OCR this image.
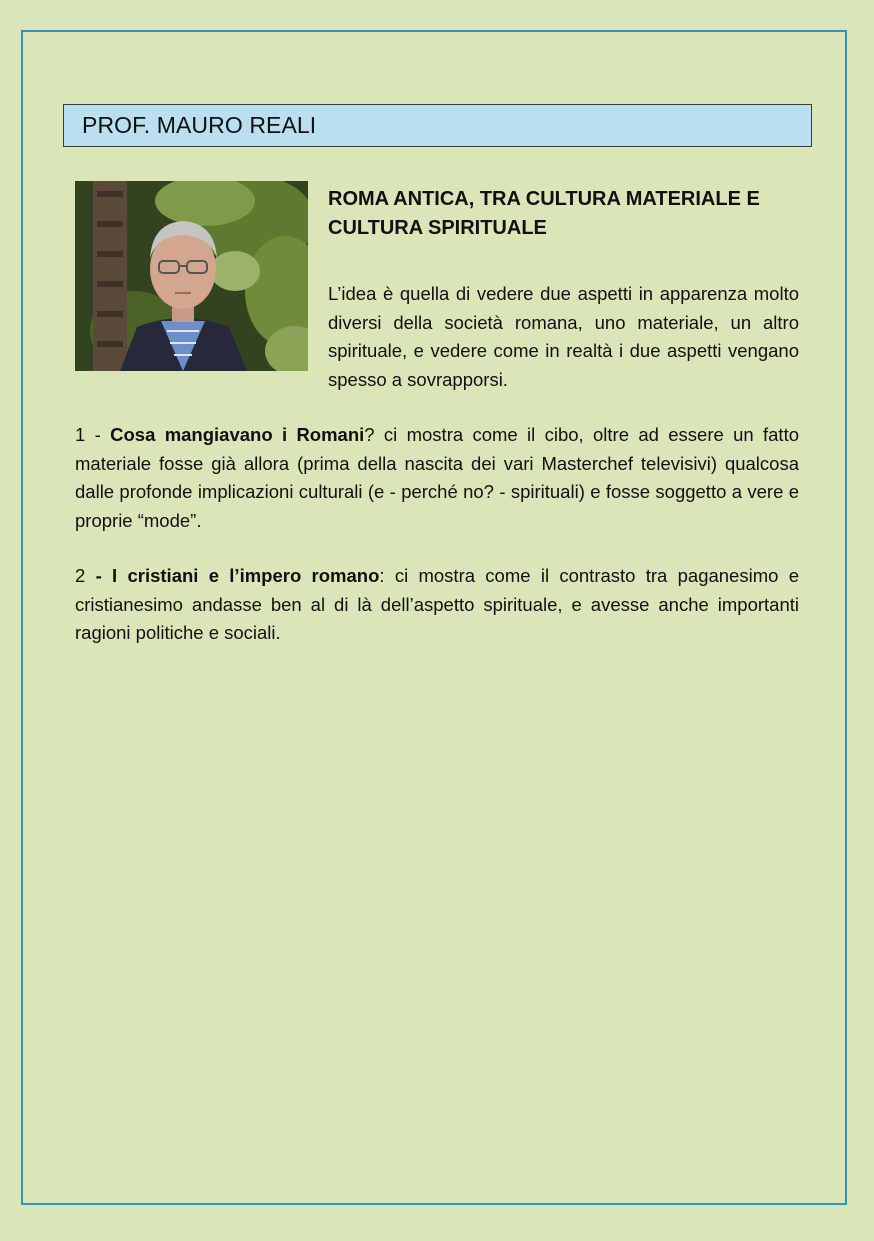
PROF. MAURO REALI
ROMA ANTICA, TRA CULTURA MATERIALE E CULTURA SPIRITUALE

L’idea è quella di vedere due aspetti in apparenza molto diversi della società romana, uno materiale, un altro spirituale, e vedere come in realtà i due aspetti vengano spesso a sovrapporsi.

1 - Cosa mangiavano i Romani? ci mostra come il cibo, oltre ad essere un fatto materiale fosse già allora (prima della nascita dei vari Masterchef televisivi) qualcosa dalle profonde implicazioni culturali (e - perché no? - spirituali) e fosse soggetto a vere e proprie “mode”.

2 - I cristiani e l’impero romano: ci mostra come il contrasto tra paganesimo e cristianesimo andasse ben al di là dell’aspetto spirituale, e avesse anche importanti ragioni politiche e sociali.
